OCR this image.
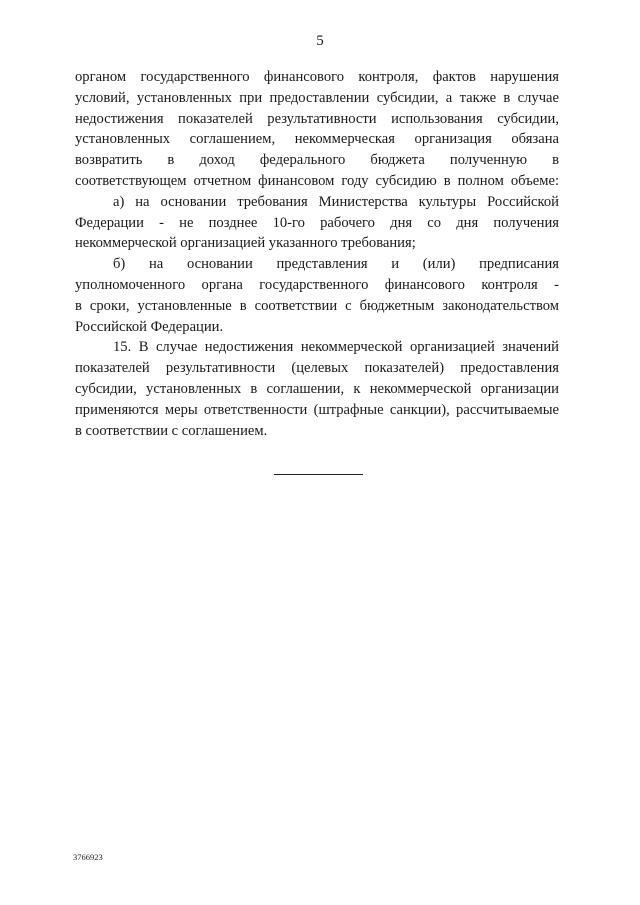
5
органом государственного финансового контроля, фактов нарушения
условий, установленных при предоставлении субсидии, а также в случае
недостижения показателей результативности использования субсидии,
установленных соглашением, некоммерческая организация обязана
возвратить в доход федерального бюджета полученную в
соответствующем отчетном финансовом году субсидию в полном объеме:
а) на основании требования Министерства культуры Российской
Федерации - не позднее 10-го рабочего дня со дня получения
некоммерческой организацией указанного требования;
б) на основании представления и (или) предписания
уполномоченного органа государственного финансового контроля -
в сроки, установленные в соответствии с бюджетным законодательством
Российской Федерации.
15. В случае недостижения некоммерческой организацией значений
показателей результативности (целевых показателей) предоставления
субсидии, установленных в соглашении, к некоммерческой организации
применяются меры ответственности (штрафные санкции), рассчитываемые
в соответствии с соглашением.
3766923
